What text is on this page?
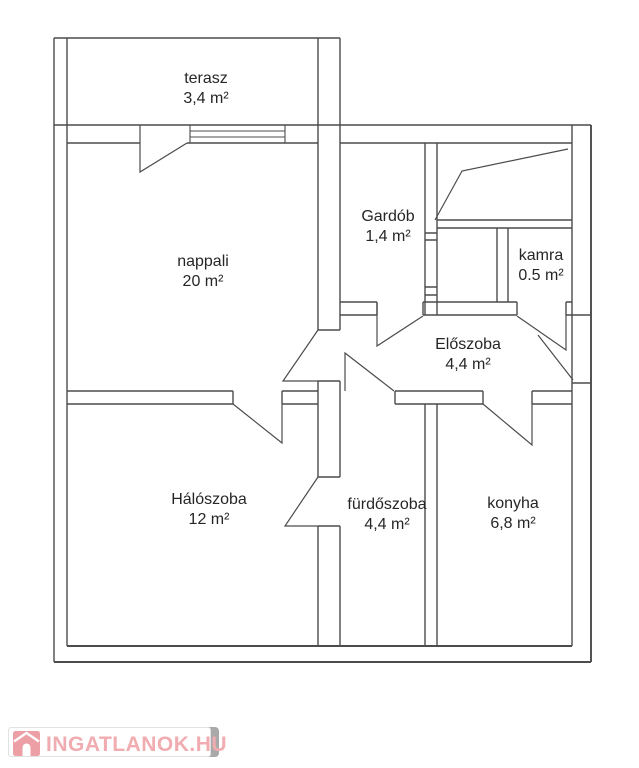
terasz
3,4 m²
nappali
20 m²
Gardób
1,4 m²
kamra
0.5 m²
Előszoba
4,4 m²
Hálószoba
12 m²
fürdőszoba
4,4 m²
konyha
6,8 m²
INGATLANOK.HU
